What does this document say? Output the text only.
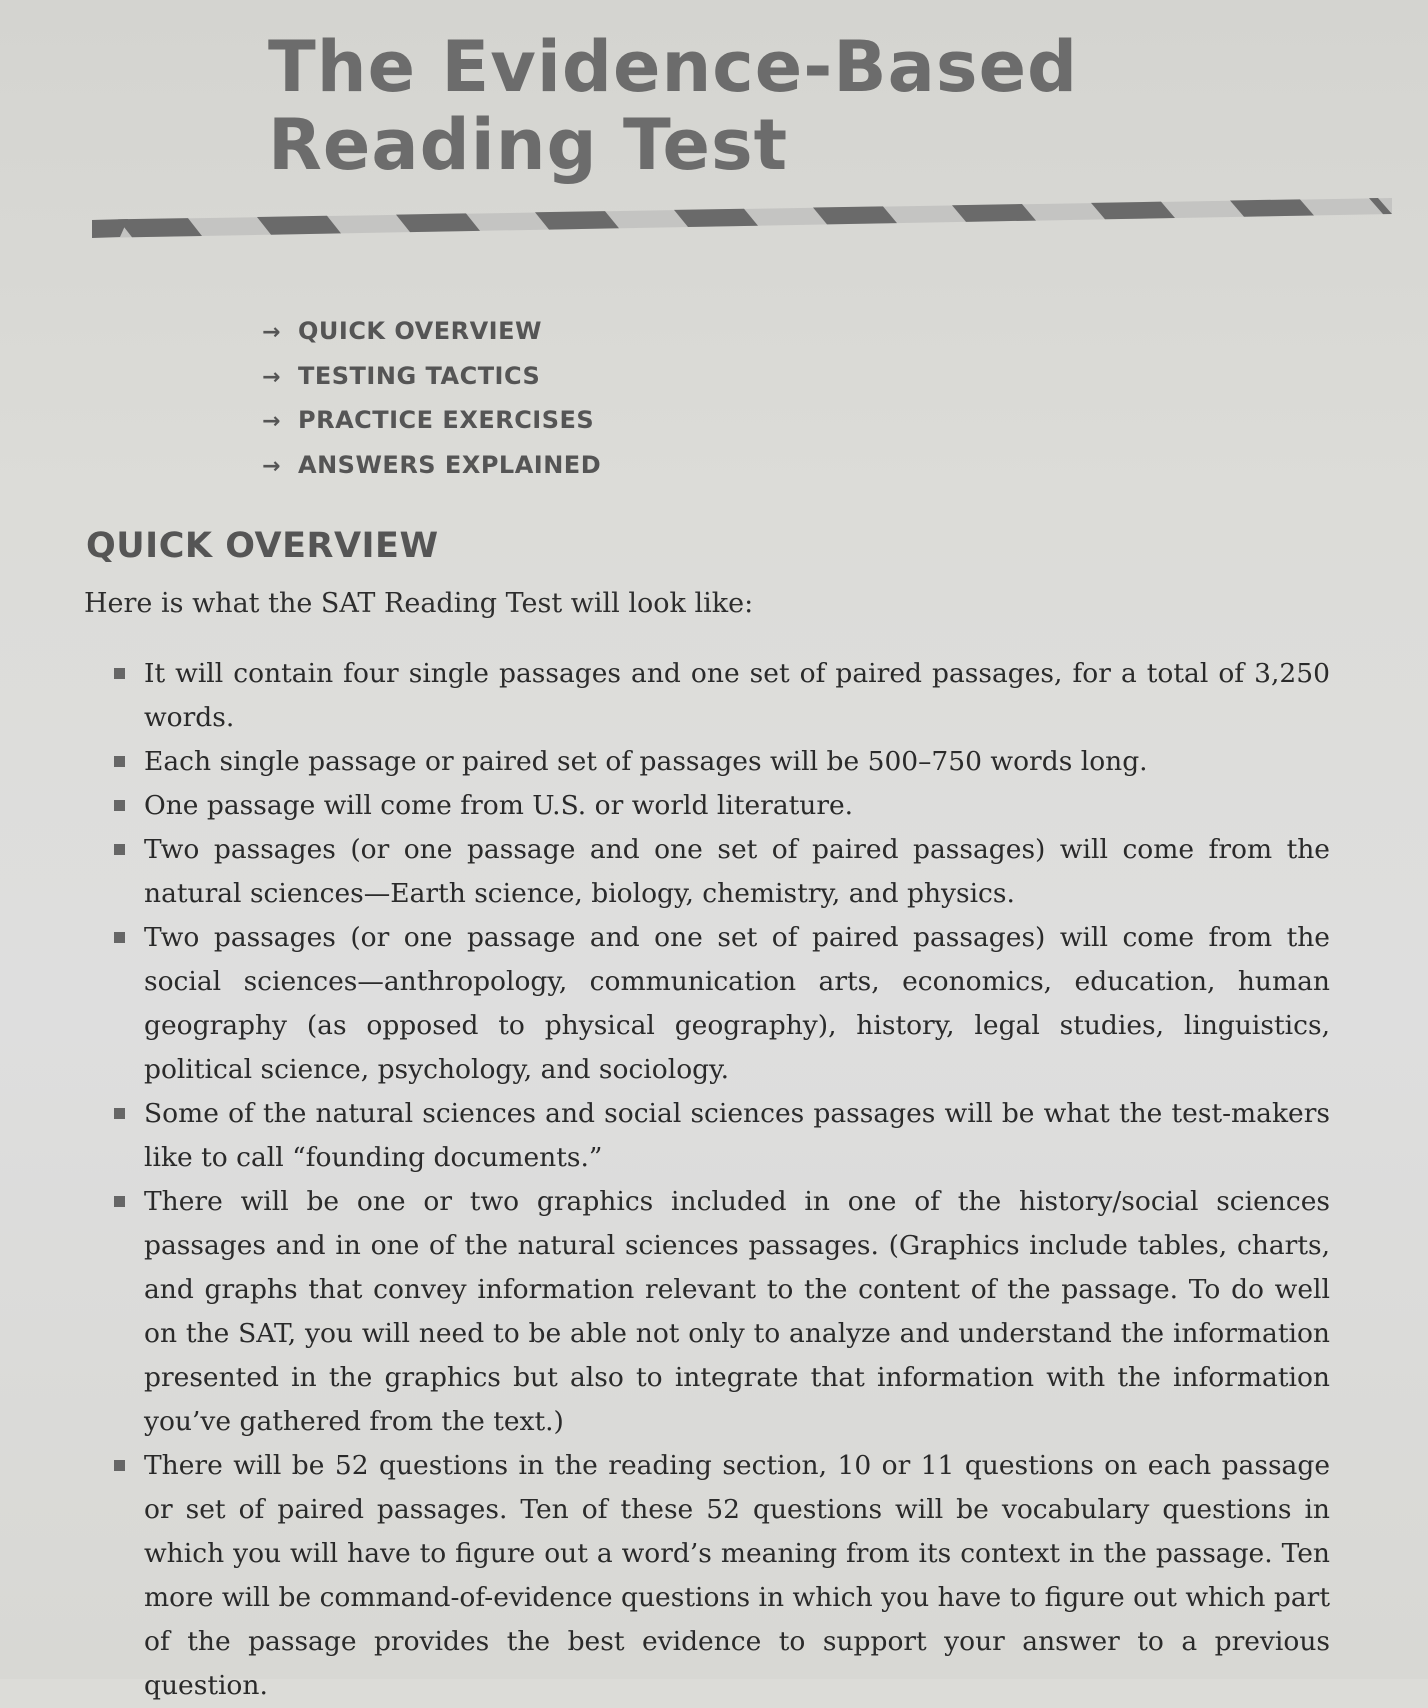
The Evidence-Based
Reading Test
→ QUICK OVERVIEW
→ TESTING TACTICS
→ PRACTICE EXERCISES
→ ANSWERS EXPLAINED
QUICK OVERVIEW

Here is what the SAT Reading Test will look like:

It will contain four single passages and one set of paired passages, for a total of 3,250 words.
Each single passage or paired set of passages will be 500–750 words long.
One passage will come from U.S. or world literature.
Two passages (or one passage and one set of paired passages) will come from the natural sciences—Earth science, biology, chemistry, and physics.
Two passages (or one passage and one set of paired passages) will come from the social sciences—anthropology, communication arts, economics, education, human geography (as opposed to physical geography), history, legal studies, linguistics, political science, psychology, and sociology.
Some of the natural sciences and social sciences passages will be what the test-makers like to call “founding documents.”
There will be one or two graphics included in one of the history/social sciences passages and in one of the natural sciences passages. (Graphics include tables, charts, and graphs that convey information relevant to the content of the passage. To do well on the SAT, you will need to be able not only to analyze and understand the information presented in the graphics but also to integrate that information with the information you’ve gathered from the text.)
There will be 52 questions in the reading section, 10 or 11 questions on each passage or set of paired passages. Ten of these 52 questions will be vocabulary questions in which you will have to figure out a word’s meaning from its context in the passage. Ten more will be command-of-evidence questions in which you have to figure out which part of the passage provides the best evidence to support your answer to a previous question.
